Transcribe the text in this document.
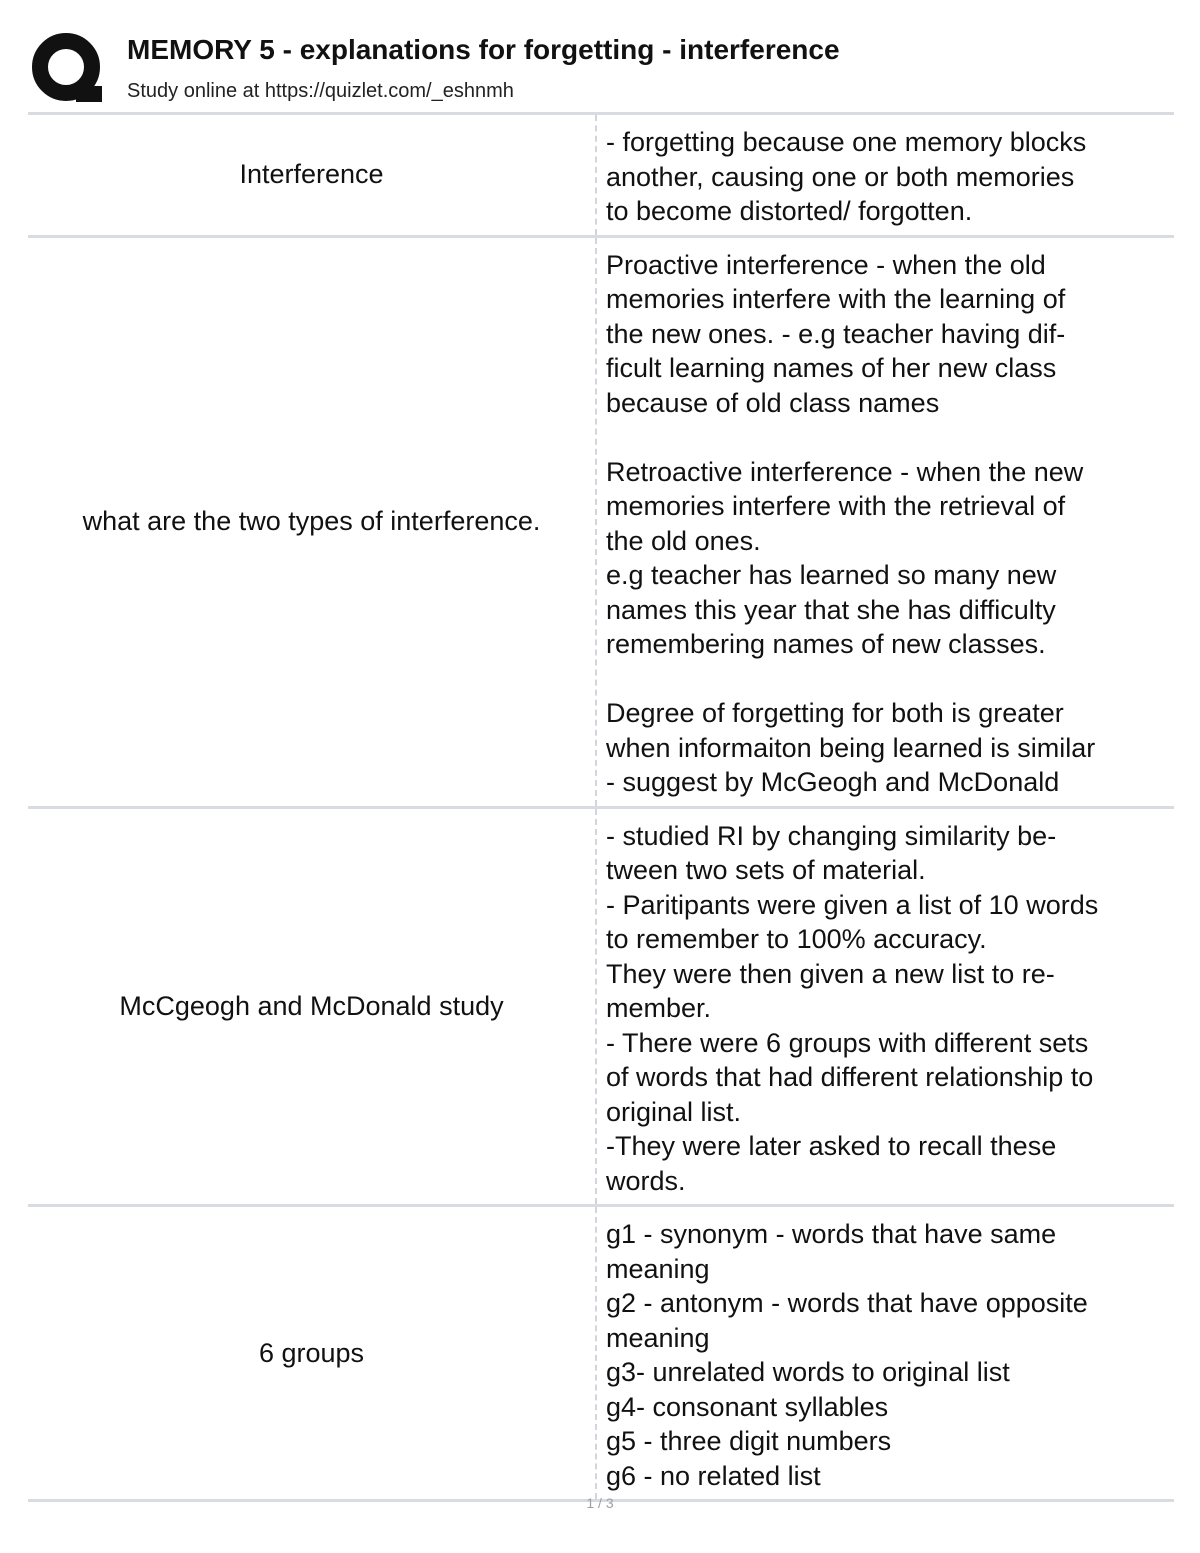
MEMORY 5 - explanations for forgetting - interference
Study online at https://quizlet.com/_eshnmh
Interference
- forgetting because one memory blocks
another, causing one or both memories
to become distorted/ forgotten.
what are the two types of interference.
Proactive interference - when the old
memories interfere with the learning of
the new ones. - e.g teacher having dif-
ficult learning names of her new class
because of old class names

Retroactive interference - when the new
memories interfere with the retrieval of
the old ones.
e.g teacher has learned so many new
names this year that she has difficulty
remembering names of new classes.

Degree of forgetting for both is greater
when informaiton being learned is similar
- suggest by McGeogh and McDonald
McCgeogh and McDonald study
- studied RI by changing similarity be-
tween two sets of material.
- Paritipants were given a list of 10 words
to remember to 100% accuracy.
They were then given a new list to re-
member.
- There were 6 groups with different sets
of words that had different relationship to
original list.
-They were later asked to recall these
words.
6 groups
g1 - synonym - words that have same
meaning
g2 - antonym - words that have opposite
meaning
g3- unrelated words to original list
g4- consonant syllables
g5 - three digit numbers
g6 - no related list
1 / 3
